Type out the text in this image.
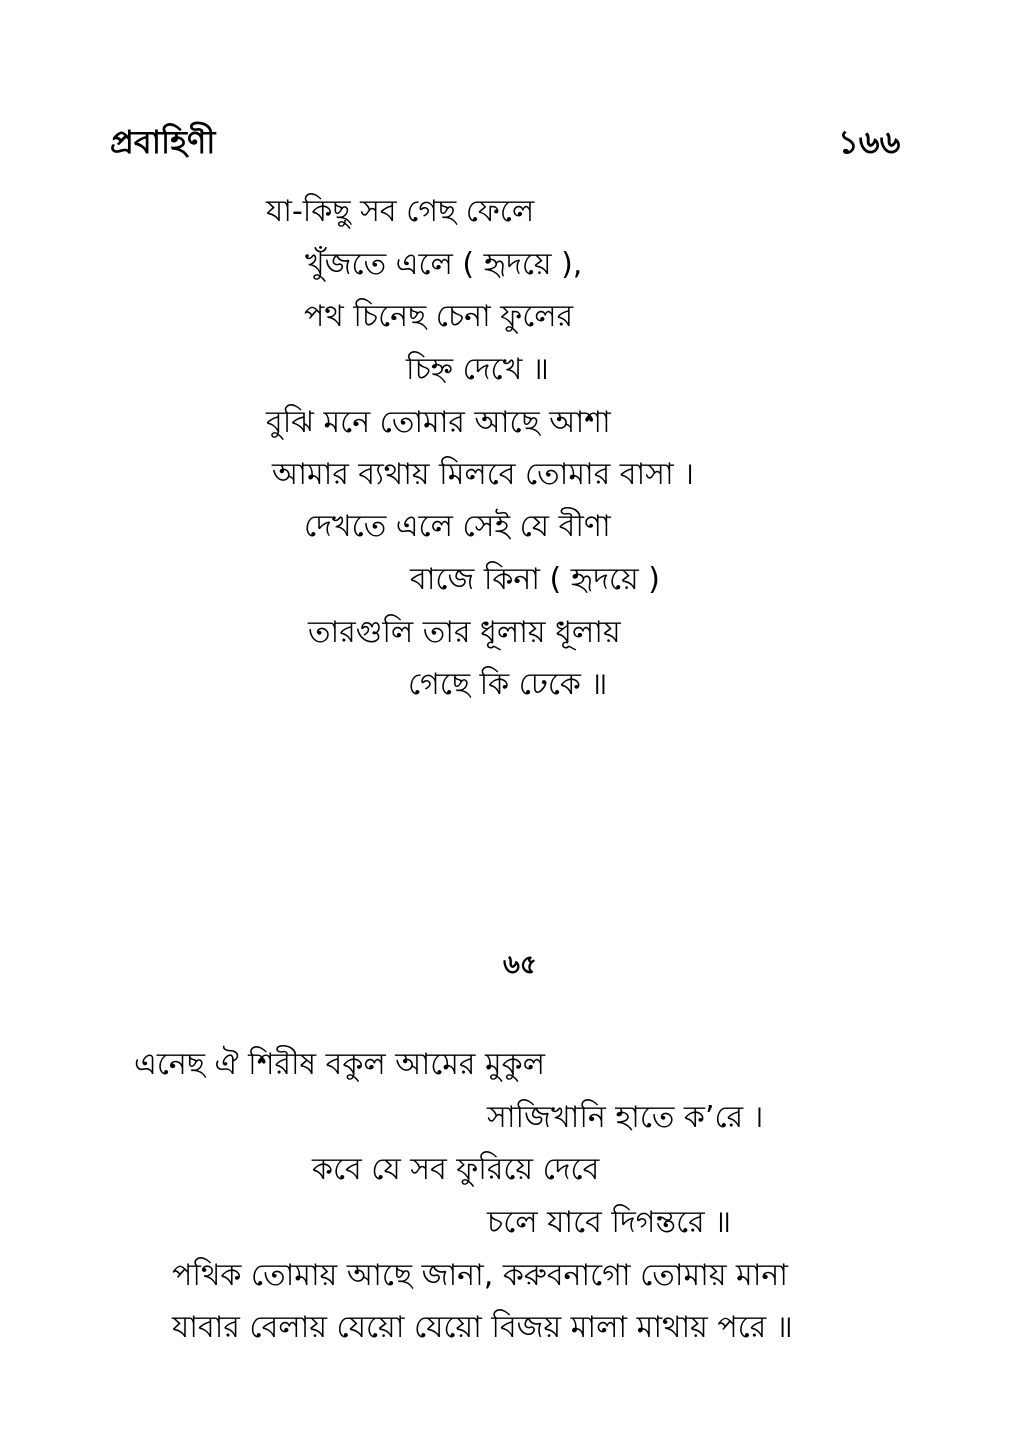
প্রবাহিণী	১৬৬
যা-কিছু সব গেছ ফেলে
খুঁজতে এলে ( হৃদয়ে ),
পথ চিনেছ চেনা ফুলের
চিহ্ন দেখে ॥
বুঝি মনে তোমার আছে আশা
আমার ব্যথায় মিলবে তোমার বাসা ।
দেখতে এলে সেই যে বীণা
বাজে কিনা ( হৃদয়ে )
তারগুলি তার ধূলায় ধূলায়
গেছে কি ঢেকে ॥
৬৫
এনেছ ঐ শিরীষ বকুল আমের মুকুল
সাজিখানি হাতে ক’রে ।
কবে যে সব ফুরিয়ে দেবে
চলে যাবে দিগন্তরে ॥
পথিক তোমায় আছে জানা, করুবনাগো তোমায় মানা
যাবার বেলায় যেয়ো যেয়ো বিজয় মালা মাথায় পরে ॥
